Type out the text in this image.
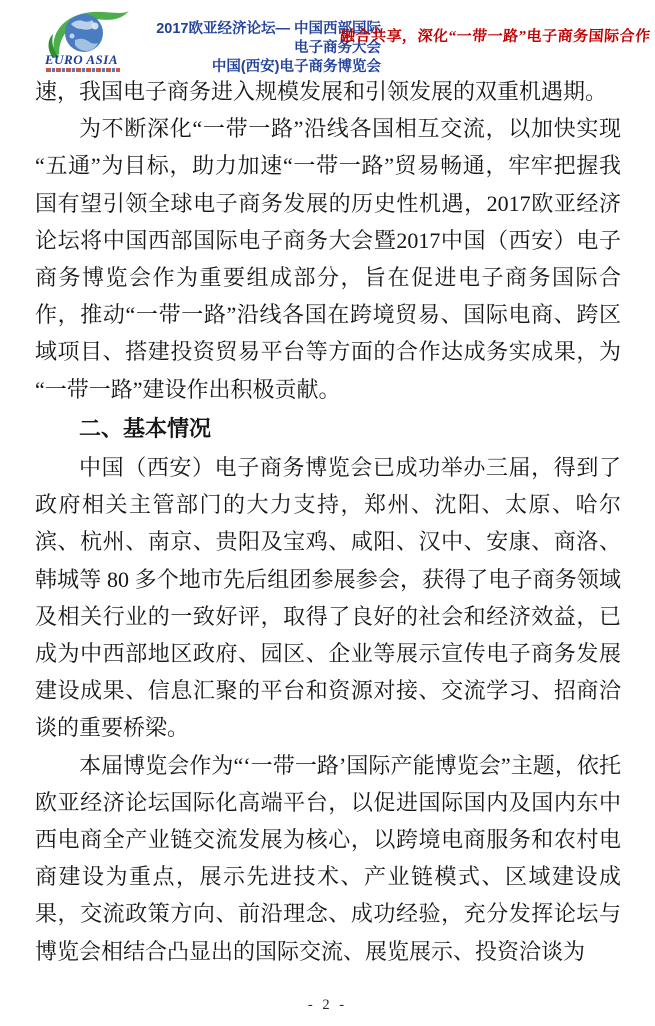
EURO ASIA
2017欧亚经济论坛— 中国西部国际电子商务大会
中国(西安)电子商务博览会
融合共享，深化“一带一路”电子商务国际合作

速，我国电子商务进入规模发展和引领发展的双重机遇期。

为不断深化“一带一路”沿线各国相互交流，以加快实现“五通”为目标，助力加速“一带一路”贸易畅通，牢牢把握我国有望引领全球电子商务发展的历史性机遇，2017欧亚经济论坛将中国西部国际电子商务大会暨2017中国（西安）电子商务博览会作为重要组成部分，旨在促进电子商务国际合作，推动“一带一路”沿线各国在跨境贸易、国际电商、跨区域项目、搭建投资贸易平台等方面的合作达成务实成果，为“一带一路”建设作出积极贡献。

二、基本情况

中国（西安）电子商务博览会已成功举办三届，得到了政府相关主管部门的大力支持，郑州、沈阳、太原、哈尔滨、杭州、南京、贵阳及宝鸡、咸阳、汉中、安康、商洛、韩城等 80 多个地市先后组团参展参会，获得了电子商务领域及相关行业的一致好评，取得了良好的社会和经济效益，已成为中西部地区政府、园区、企业等展示宣传电子商务发展建设成果、信息汇聚的平台和资源对接、交流学习、招商洽谈的重要桥梁。

本届博览会作为“‘一带一路’国际产能博览会”主题，依托欧亚经济论坛国际化高端平台，以促进国际国内及国内东中西电商全产业链交流发展为核心，以跨境电商服务和农村电商建设为重点，展示先进技术、产业链模式、区域建设成果，交流政策方向、前沿理念、成功经验，充分发挥论坛与博览会相结合凸显出的国际交流、展览展示、投资洽谈为

- 2 -
